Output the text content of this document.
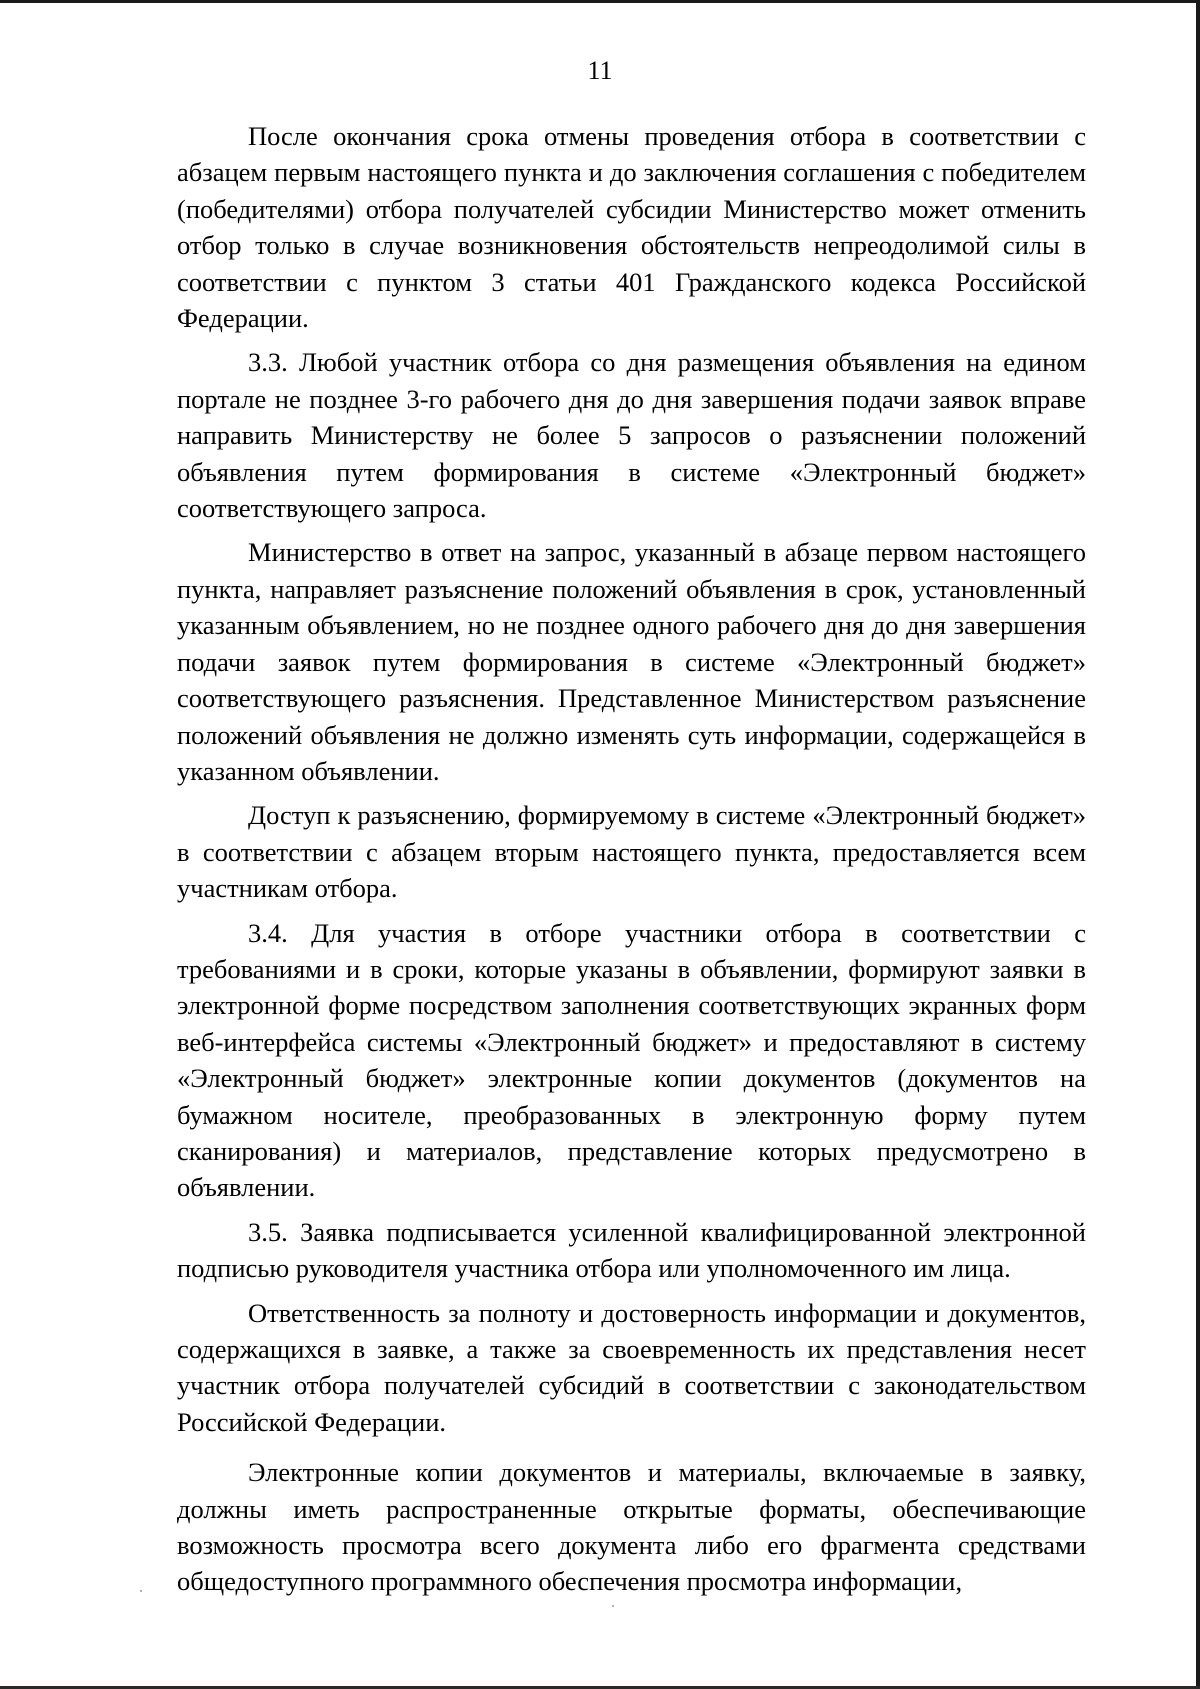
11

После окончания срока отмены проведения отбора в соответствии с абзацем первым настоящего пункта и до заключения соглашения с победителем (победителями) отбора получателей субсидии Министерство может отменить отбор только в случае возникновения обстоятельств непреодолимой силы в соответствии с пунктом 3 статьи 401 Гражданского кодекса Российской Федерации.

3.3. Любой участник отбора со дня размещения объявления на едином портале не позднее 3-го рабочего дня до дня завершения подачи заявок вправе направить Министерству не более 5 запросов о разъяснении положений объявления путем формирования в системе «Электронный бюджет» соответствующего запроса.

Министерство в ответ на запрос, указанный в абзаце первом настоящего пункта, направляет разъяснение положений объявления в срок, установленный указанным объявлением, но не позднее одного рабочего дня до дня завершения подачи заявок путем формирования в системе «Электронный бюджет» соответствующего разъяснения. Представленное Министерством разъяснение положений объявления не должно изменять суть информации, содержащейся в указанном объявлении.

Доступ к разъяснению, формируемому в системе «Электронный бюджет» в соответствии с абзацем вторым настоящего пункта, предоставляется всем участникам отбора.

3.4. Для участия в отборе участники отбора в соответствии с требованиями и в сроки, которые указаны в объявлении, формируют заявки в электронной форме посредством заполнения соответствующих экранных форм веб-интерфейса системы «Электронный бюджет» и предоставляют в систему «Электронный бюджет» электронные копии документов (документов на бумажном носителе, преобразованных в электронную форму путем сканирования) и материалов, представление которых предусмотрено в объявлении.

3.5. Заявка подписывается усиленной квалифицированной электронной подписью руководителя участника отбора или уполномоченного им лица.

Ответственность за полноту и достоверность информации и документов, содержащихся в заявке, а также за своевременность их представления несет участник отбора получателей субсидий в соответствии с законодательством Российской Федерации.

Электронные копии документов и материалы, включаемые в заявку, должны иметь распространенные открытые форматы, обеспечивающие возможность просмотра всего документа либо его фрагмента средствами общедоступного программного обеспечения просмотра информации,
